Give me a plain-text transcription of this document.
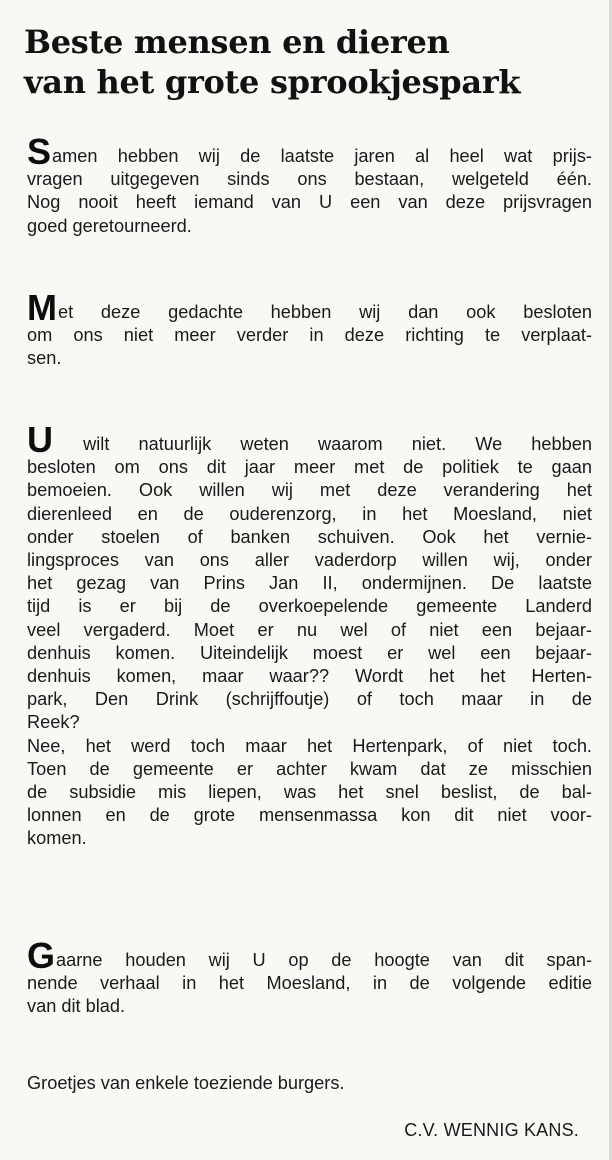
Beste mensen en dieren
van het grote sprookjespark

Samen hebben wij de laatste jaren al heel wat prijs-
vragen uitgegeven sinds ons bestaan, welgeteld één.
Nog nooit heeft iemand van U een van deze prijsvragen
goed geretourneerd.

Met deze gedachte hebben wij dan ook besloten
om ons niet meer verder in deze richting te verplaat-
sen.

U wilt natuurlijk weten waarom niet. We hebben
besloten om ons dit jaar meer met de politiek te gaan
bemoeien. Ook willen wij met deze verandering het
dierenleed en de ouderenzorg, in het Moesland, niet
onder stoelen of banken schuiven. Ook het vernie-
lingsproces van ons aller vaderdorp willen wij, onder
het gezag van Prins Jan II, ondermijnen. De laatste
tijd is er bij de overkoepelende gemeente Landerd
veel vergaderd. Moet er nu wel of niet een bejaar-
denhuis komen. Uiteindelijk moest er wel een bejaar-
denhuis komen, maar waar?? Wordt het het Herten-
park, Den Drink (schrijffoutje) of toch maar in de
Reek?
Nee, het werd toch maar het Hertenpark, of niet toch.
Toen de gemeente er achter kwam dat ze misschien
de subsidie mis liepen, was het snel beslist, de bal-
lonnen en de grote mensenmassa kon dit niet voor-
komen.

Gaarne houden wij U op de hoogte van dit span-
nende verhaal in het Moesland, in de volgende editie
van dit blad.

Groetjes van enkele toeziende burgers.

C.V. WENNIG KANS.
